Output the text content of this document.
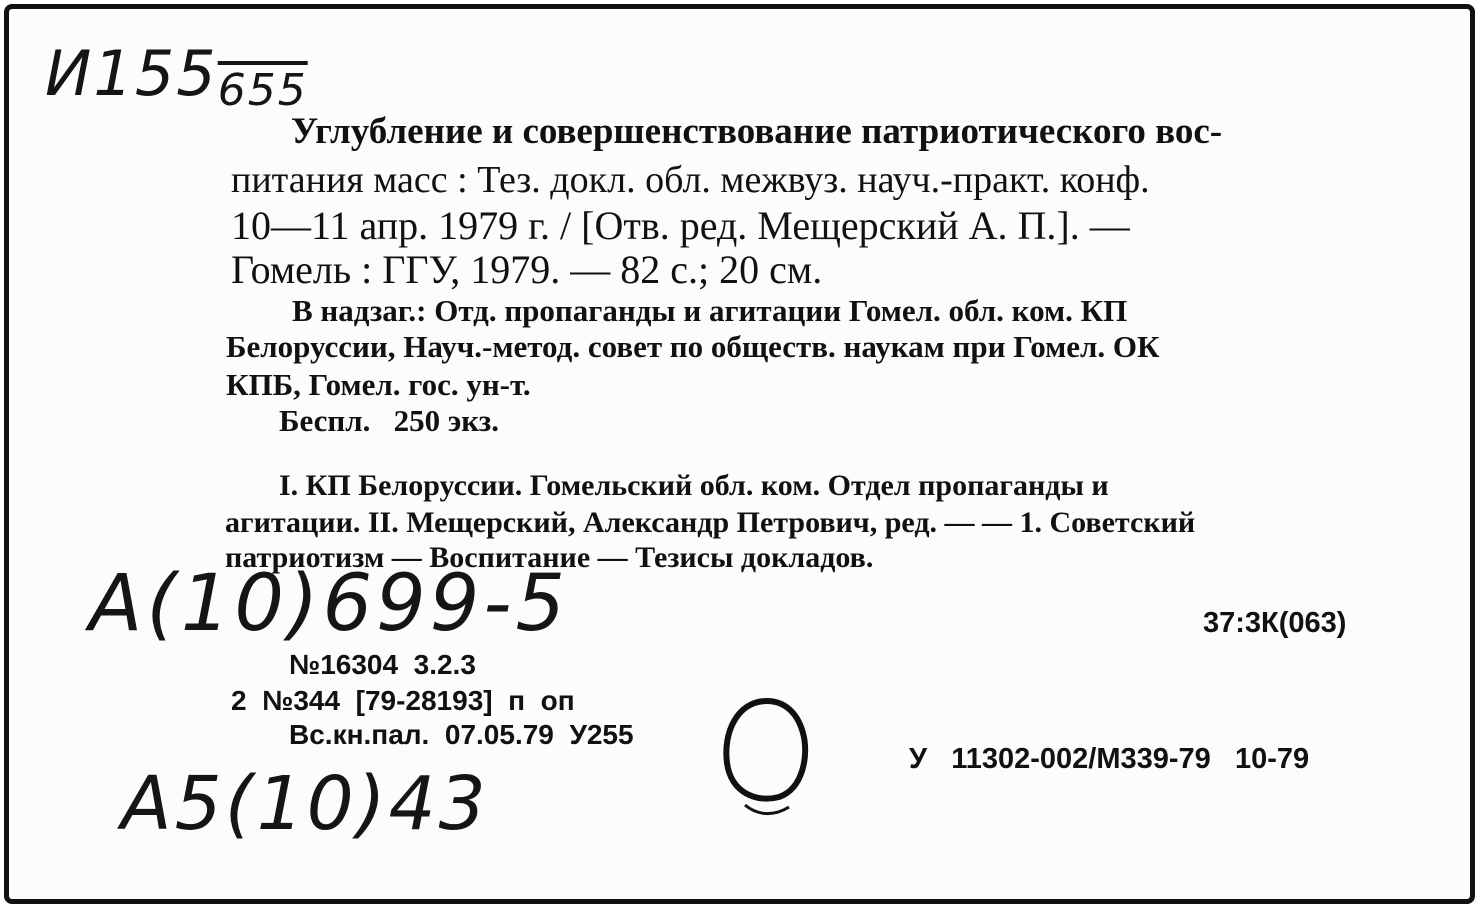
И155655
Углубление и совершенствование патриотического вос-
питания масс : Тез. докл. обл. межвуз. науч.-практ. конф.
10—11 апр. 1979 г. / [Отв. ред. Мещерский А. П.]. —
Гомель : ГГУ, 1979. — 82 с.; 20 см.
В надзаг.: Отд. пропаганды и агитации Гомел. обл. ком. КП
Белоруссии, Науч.-метод. совет по обществ. наукам при Гомел. ОК
КПБ, Гомел. гос. ун-т.
Беспл.   250 экз.
I. КП Белоруссии. Гомельский обл. ком. Отдел пропаганды и
агитации. II. Мещерский, Александр Петрович, ред. — — 1. Советский
патриотизм — Воспитание — Тезисы докладов.
А(10)699-5	37:3К(063)
№16304  3.2.3
2  №344  [79-28193]  п  оп
Вс.кн.пал.  07.05.79  У255
У   11302-002/М339-79   10-79
А5(10)43
